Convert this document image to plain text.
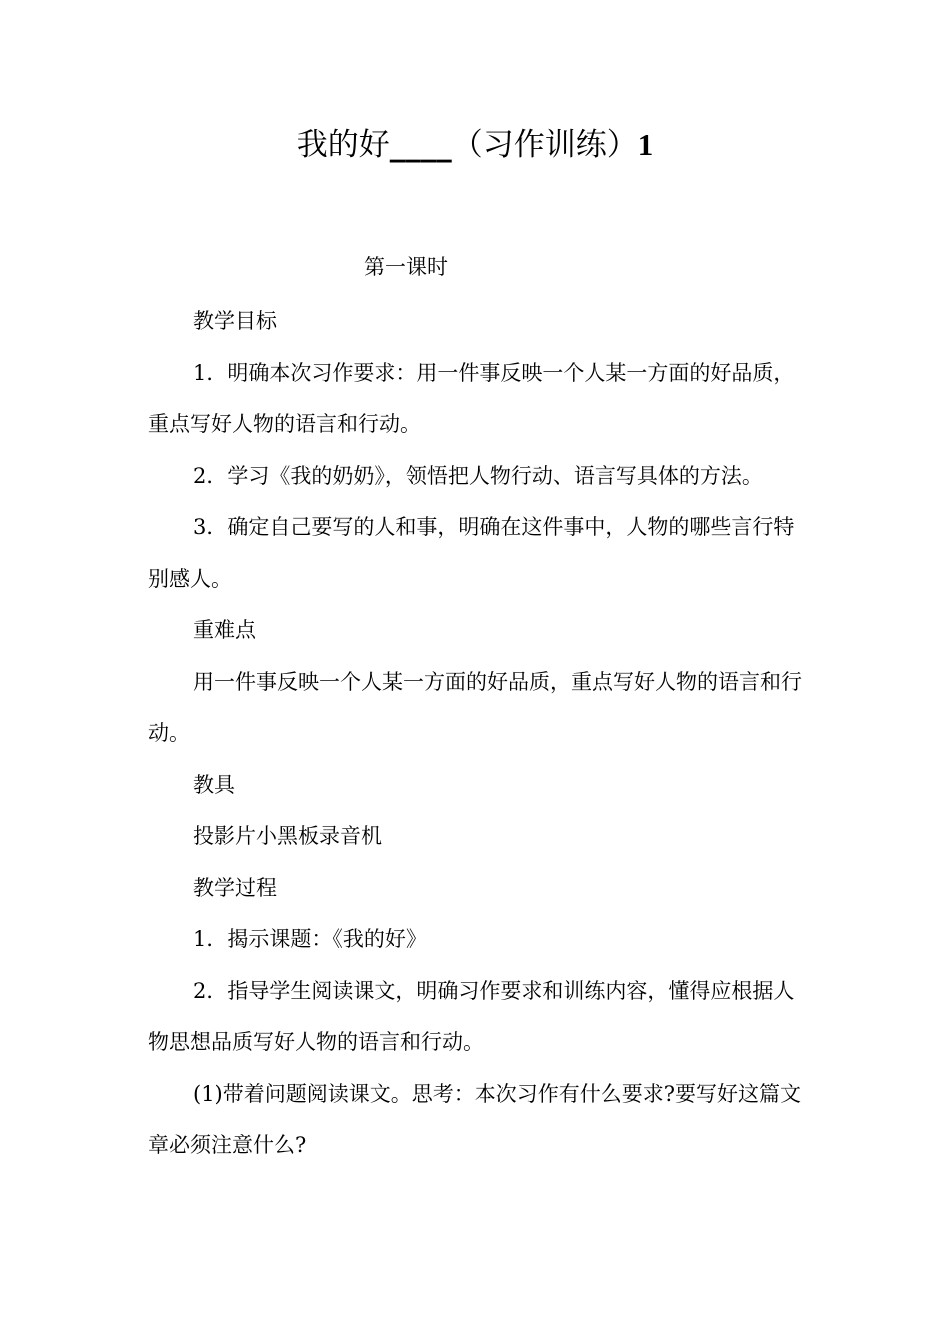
我的好____（习作训练）1
第一课时

教学目标

1．明确本次习作要求：用一件事反映一个人某一方面的好品质，重点写好人物的语言和行动。

2．学习《我的奶奶》，领悟把人物行动、语言写具体的方法。

3．确定自己要写的人和事，明确在这件事中，人物的哪些言行特别感人。

重难点

用一件事反映一个人某一方面的好品质，重点写好人物的语言和行动。

教具

投影片小黑板录音机

教学过程

1．揭示课题：《我的好》

2．指导学生阅读课文，明确习作要求和训练内容，懂得应根据人物思想品质写好人物的语言和行动。

(1)带着问题阅读课文。思考：本次习作有什么要求?要写好这篇文章必须注意什么?
